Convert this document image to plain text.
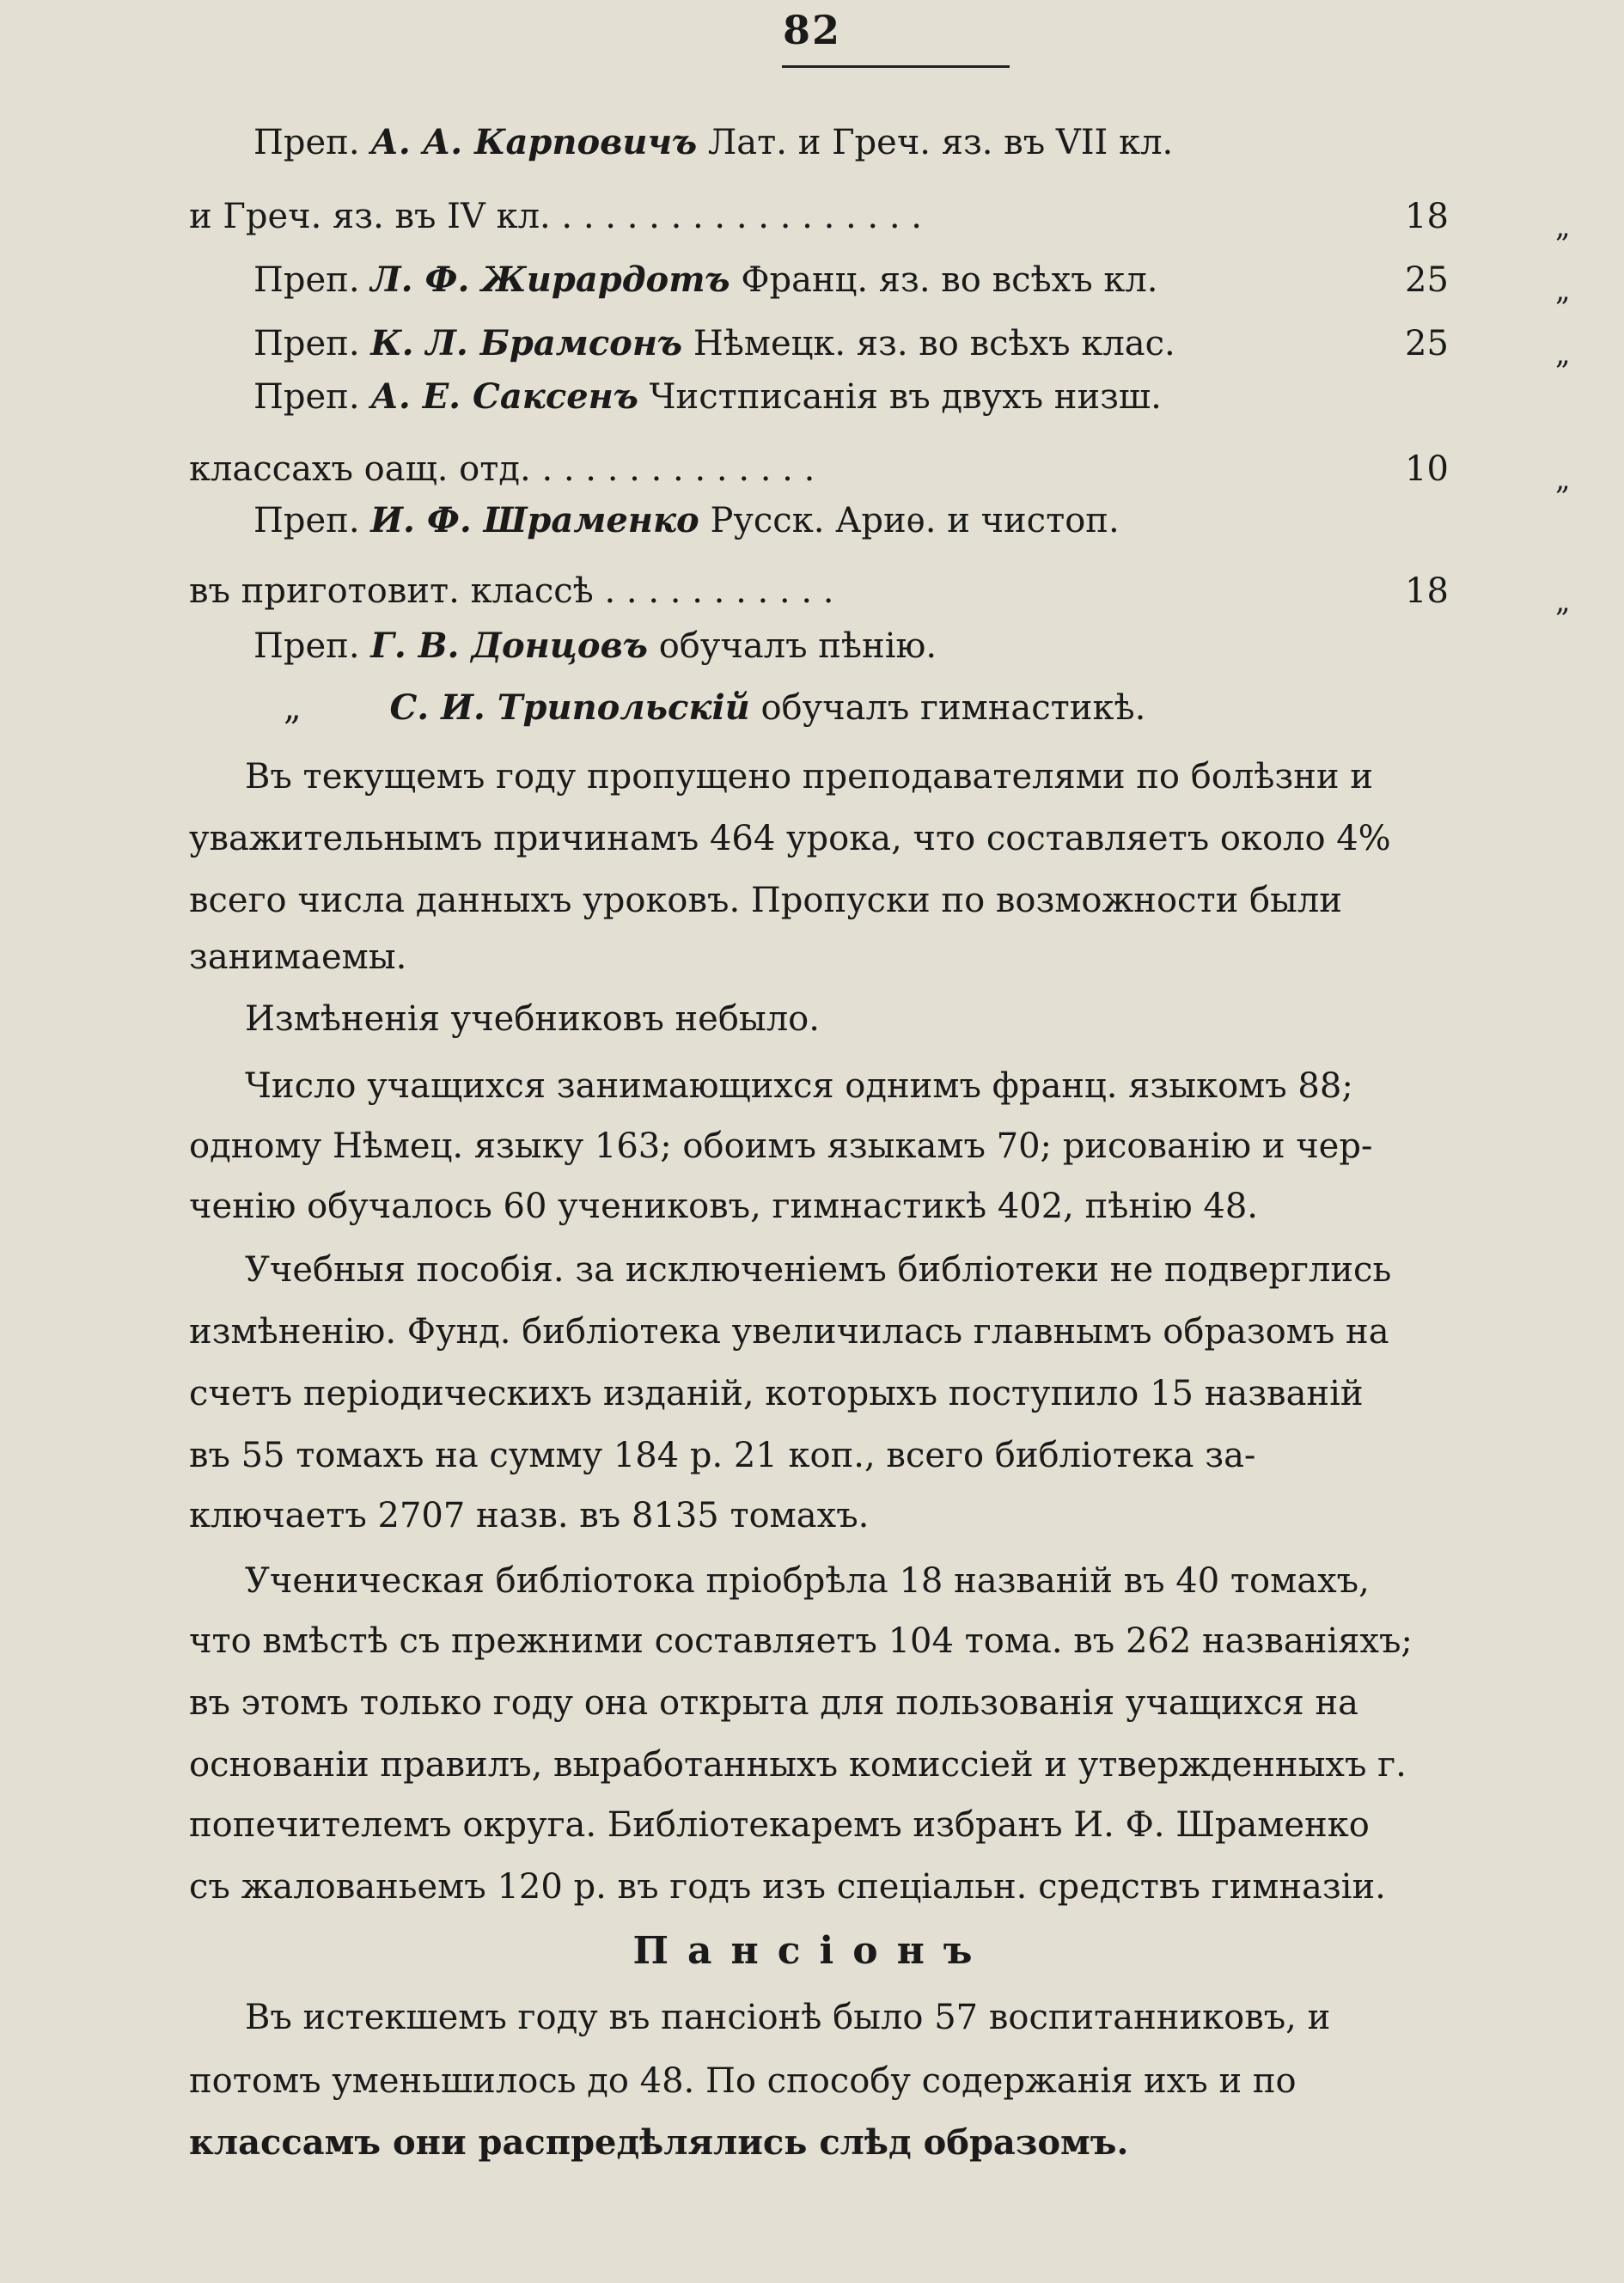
82
Преп. А. А. Карповичъ Лат. и Греч. яз. въ VII кл.
и Греч. яз. въ IV кл. . . . . . . . . . . . . . . . . .	18	„
Преп. Л. Ф. Жирардотъ Франц. яз. во всѣхъ кл.	25	„
Преп. К. Л. Брамсонъ Нѣмецк. яз. во всѣхъ клас.	25	„
Преп. А. Е. Саксенъ Чистписанія въ двухъ низш.
классахъ оащ. отд. . . . . . . . . . . . . .	10	„
Преп. И. Ф. Шраменко Русск. Ариѳ. и чистоп.
въ приготовит. классѣ . . . . . . . . . . .	18	„
Преп. Г. В. Донцовъ обучалъ пѣнію.
„	С. И. Трипольскій обучалъ гимнастикѣ.
Въ текущемъ году пропущено преподавателями по болѣзни и
уважительнымъ причинамъ 464 урока, что составляетъ около 4%
всего числа данныхъ уроковъ. Пропуски по возможности были
занимаемы.
Измѣненія учебниковъ небыло.
Число учащихся занимающихся однимъ франц. языкомъ 88;
одному Нѣмец. языку 163; обоимъ языкамъ 70; рисованію и чер-
ченію обучалось 60 учениковъ, гимнастикѣ 402, пѣнію 48.
Учебныя пособія. за исключеніемъ библіотеки не подверглись
измѣненію. Фунд. библіотека увеличилась главнымъ образомъ на
счетъ періодическихъ изданій, которыхъ поступило 15 названій
въ 55 томахъ на сумму 184 р. 21 коп., всего библіотека за-
ключаетъ 2707 назв. въ 8135 томахъ.
Ученическая библіотока пріобрѣла 18 названій въ 40 томахъ,
что вмѣстѣ съ прежними составляетъ 104 тома. въ 262 названіяхъ;
въ этомъ только году она открыта для пользованія учащихся на
основаніи правилъ, выработанныхъ комиссіей и утвержденныхъ г.
попечителемъ округа. Библіотекаремъ избранъ И. Ф. Шраменко
съ жалованьемъ 120 р. въ годъ изъ спеціальн. средствъ гимназіи.
Пансіонъ
Въ истекшемъ году въ пансіонѣ было 57 воспитанниковъ, и
потомъ уменьшилось до 48. По способу содержанія ихъ и по
классамъ они распредѣлялись слѣд образомъ.
